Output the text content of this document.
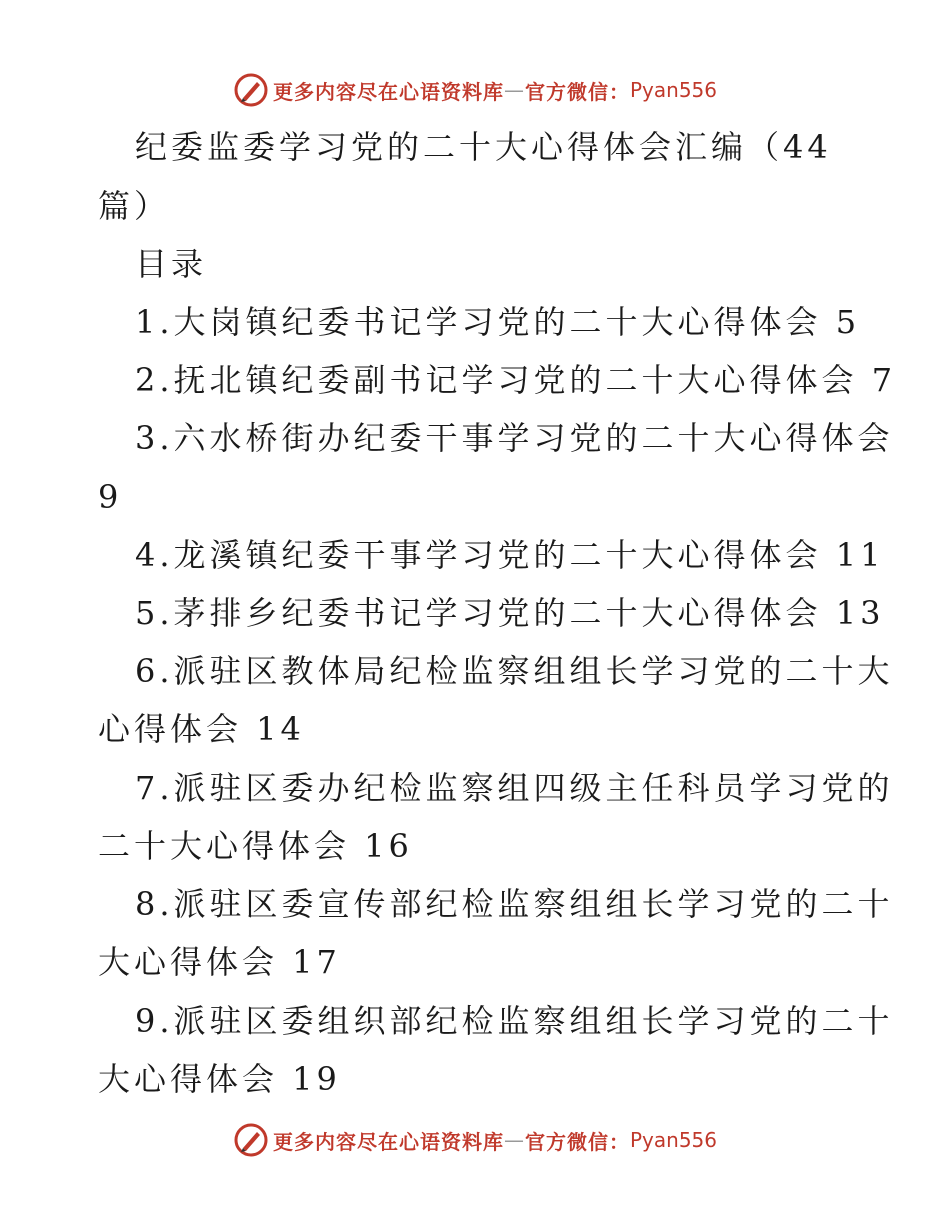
更多内容尽在心语资料库 — 官方微信： Pyan556
纪委监委学习党的二十大心得体会汇编（44
篇）
目录
1.大岗镇纪委书记学习党的二十大心得体会 5
2.抚北镇纪委副书记学习党的二十大心得体会 7
3.六水桥街办纪委干事学习党的二十大心得体会
9
4.龙溪镇纪委干事学习党的二十大心得体会 11
5.茅排乡纪委书记学习党的二十大心得体会 13
6.派驻区教体局纪检监察组组长学习党的二十大
心得体会 14
7.派驻区委办纪检监察组四级主任科员学习党的
二十大心得体会 16
8.派驻区委宣传部纪检监察组组长学习党的二十
大心得体会 17
9.派驻区委组织部纪检监察组组长学习党的二十
大心得体会 19
更多内容尽在心语资料库 — 官方微信： Pyan556
